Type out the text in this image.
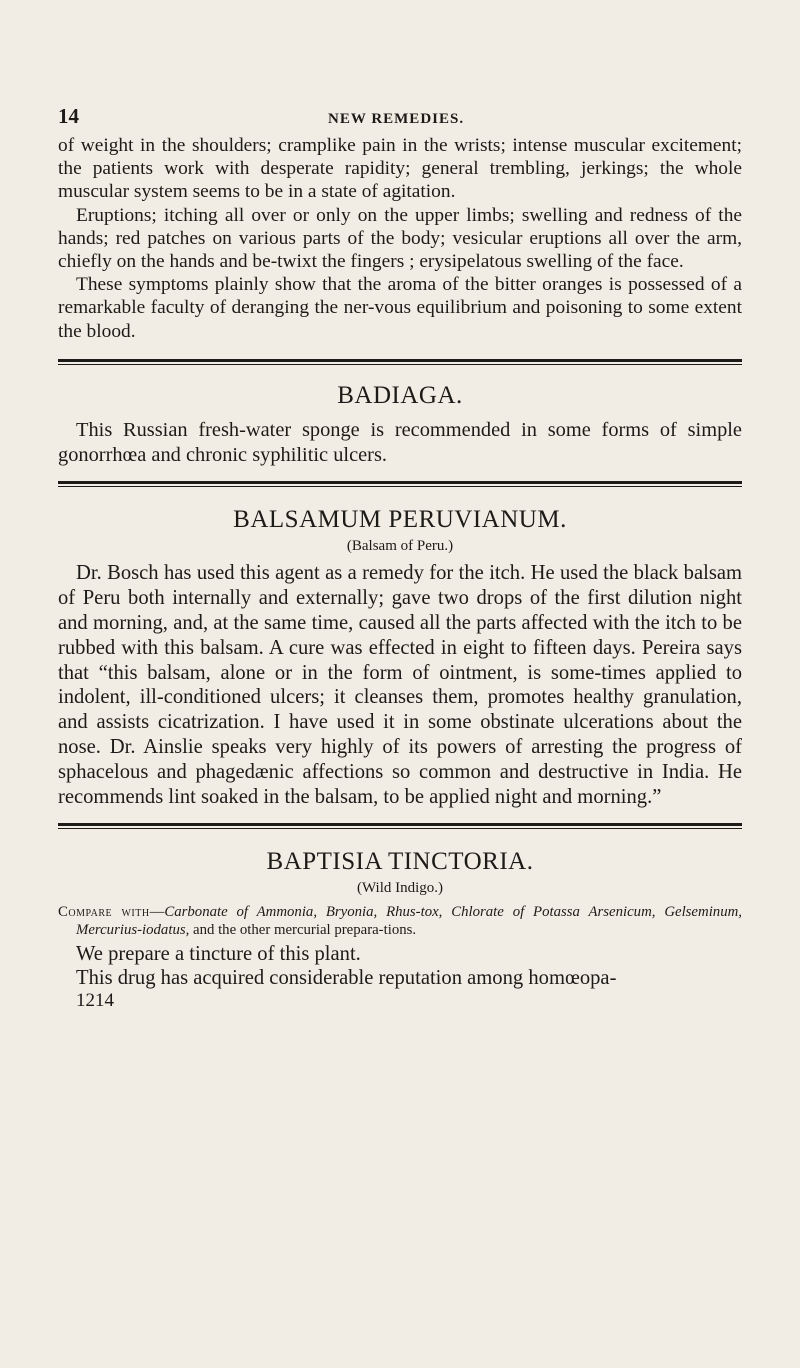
14	NEW REMEDIES.

of weight in the shoulders; cramplike pain in the wrists; intense muscular excitement; the patients work with desperate rapidity; general trembling, jerkings; the whole muscular system seems to be in a state of agitation.

Eruptions; itching all over or only on the upper limbs; swelling and redness of the hands; red patches on various parts of the body; vesicular eruptions all over the arm, chiefly on the hands and be-twixt the fingers ; erysipelatous swelling of the face.

These symptoms plainly show that the aroma of the bitter oranges is possessed of a remarkable faculty of deranging the ner-vous equilibrium and poisoning to some extent the blood.

BADIAGA.

This Russian fresh-water sponge is recommended in some forms of simple gonorrhœa and chronic syphilitic ulcers.

BALSAMUM PERUVIANUM.
(Balsam of Peru.)

Dr. Bosch has used this agent as a remedy for the itch. He used the black balsam of Peru both internally and externally; gave two drops of the first dilution night and morning, and, at the same time, caused all the parts affected with the itch to be rubbed with this balsam. A cure was effected in eight to fifteen days. Pereira says that “this balsam, alone or in the form of ointment, is some-times applied to indolent, ill-conditioned ulcers; it cleanses them, promotes healthy granulation, and assists cicatrization. I have used it in some obstinate ulcerations about the nose. Dr. Ainslie speaks very highly of its powers of arresting the progress of sphacelous and phagedænic affections so common and destructive in India. He recommends lint soaked in the balsam, to be applied night and morning.”

BAPTISIA TINCTORIA.
(Wild Indigo.)

Compare with—Carbonate of Ammonia, Bryonia, Rhus-tox, Chlorate of Potassa Arsenicum, Gelseminum, Mercurius-iodatus, and the other mercurial prepara-tions.

We prepare a tincture of this plant.

This drug has acquired considerable reputation among homœopa-

1214
